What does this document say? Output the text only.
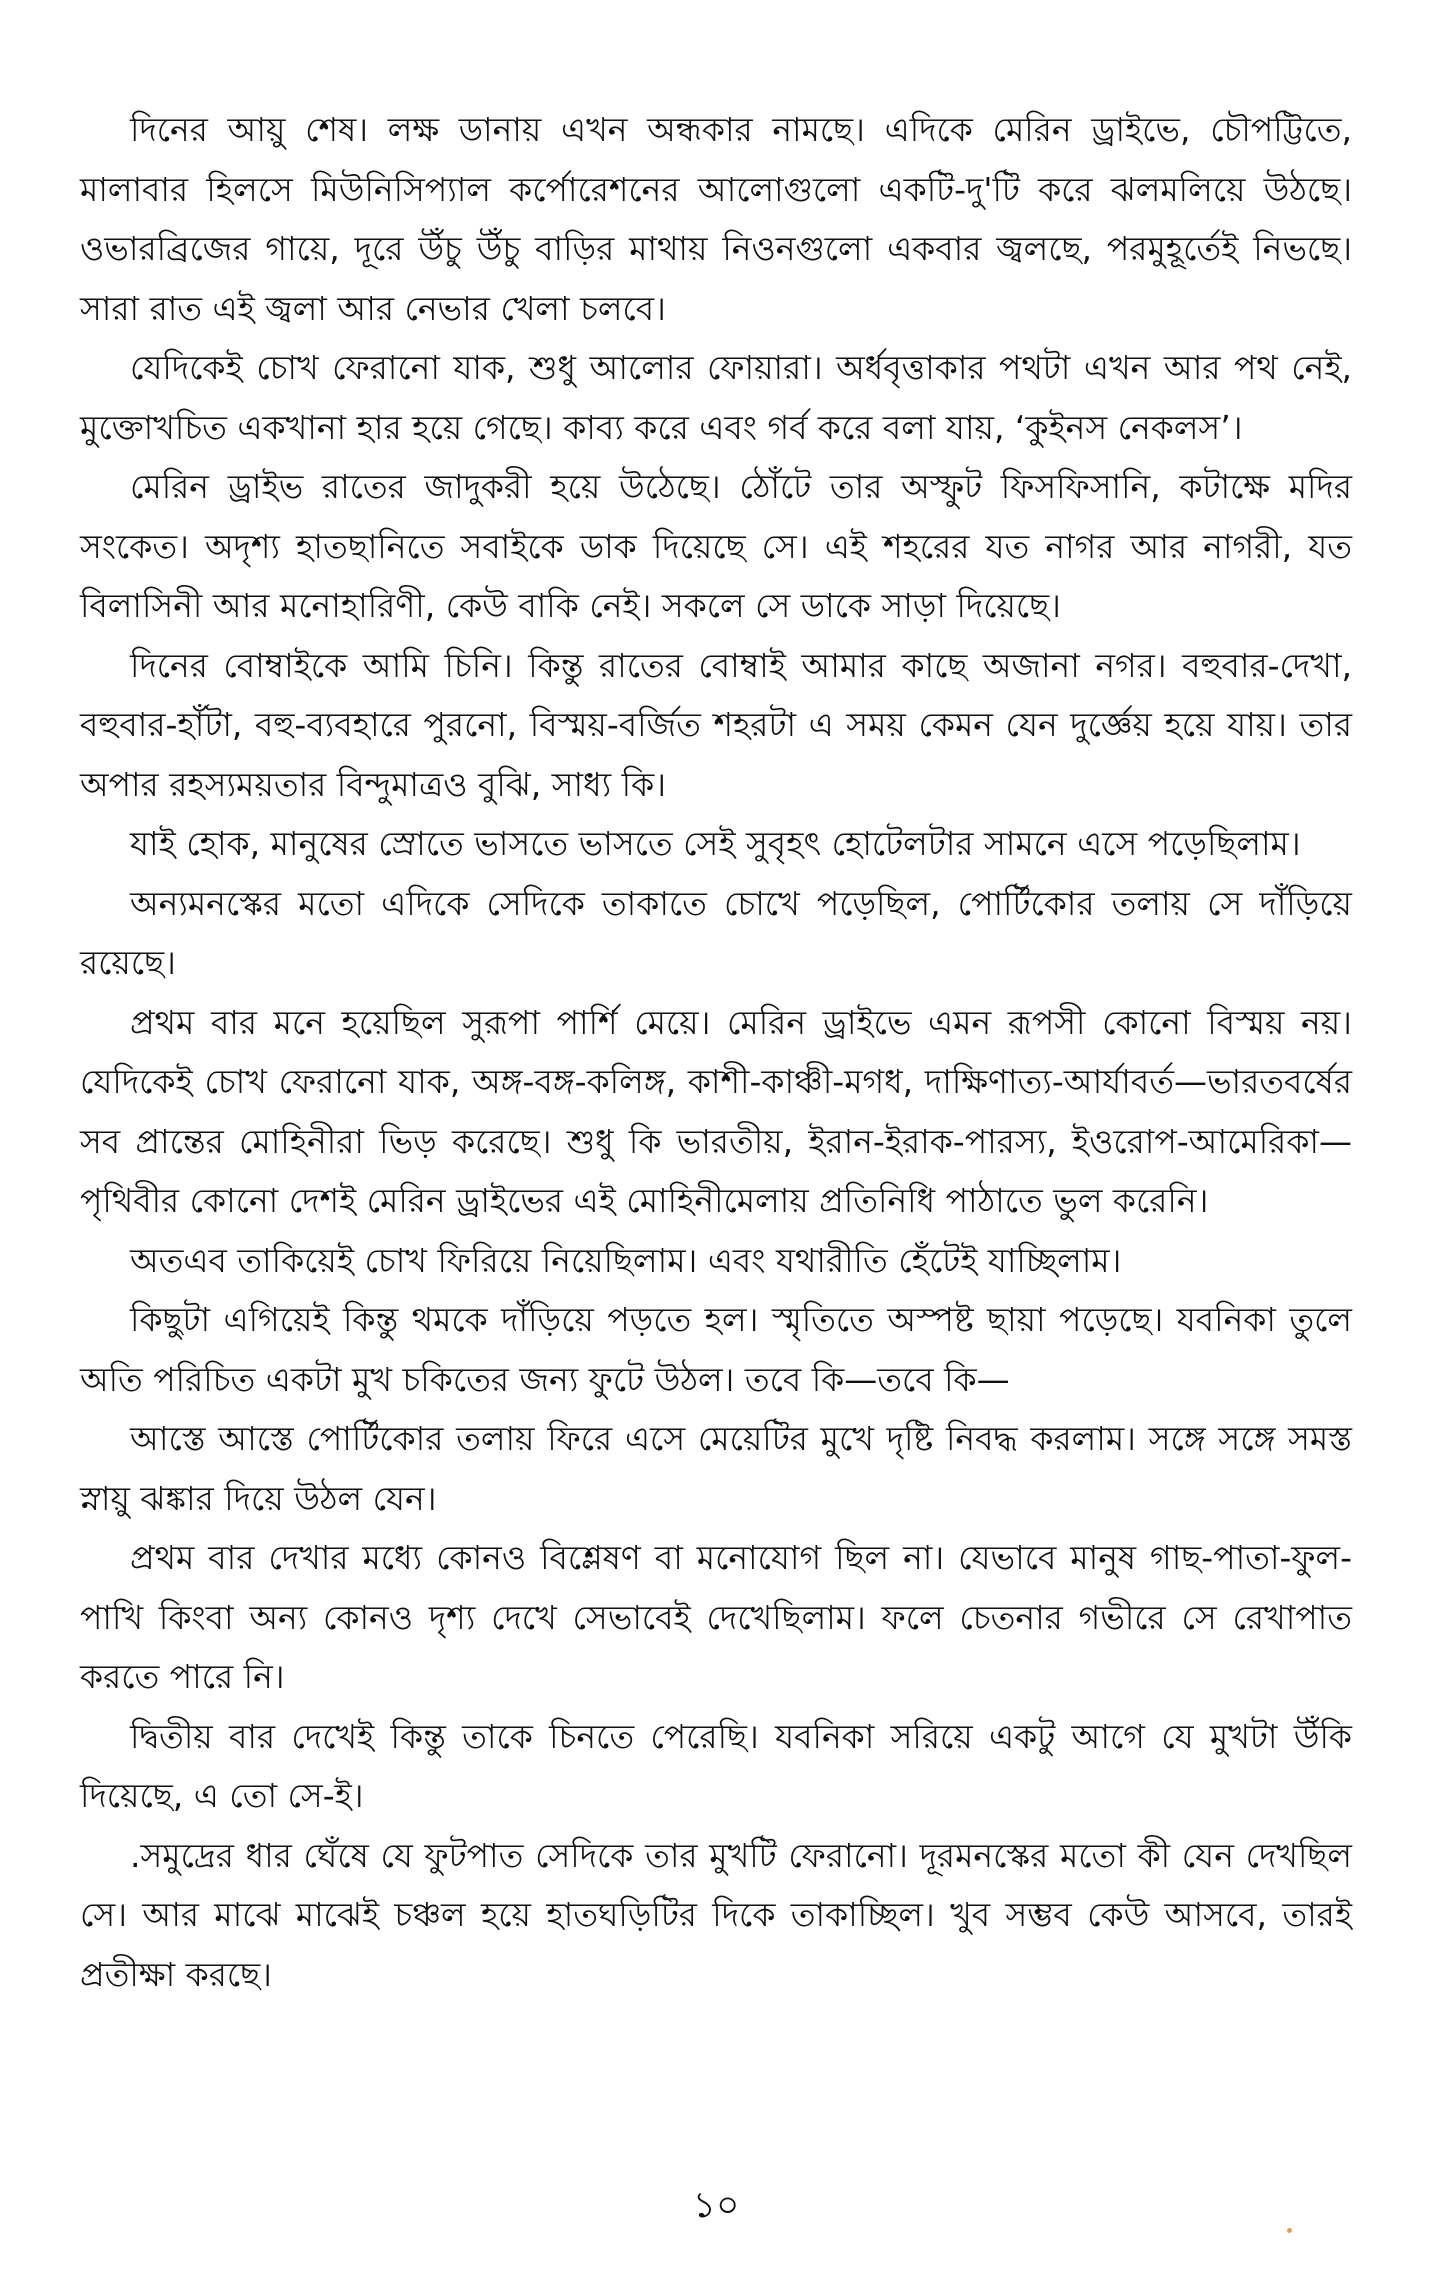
দিনের আয়ু শেষ। লক্ষ ডানায় এখন অন্ধকার নামছে। এদিকে মেরিন ড্রাইভে, চৌপট্টিতে, মালাবার হিলসে মিউনিসিপ্যাল কর্পোরেশনের আলোগুলো একটি-দু'টি করে ঝলমলিয়ে উঠছে। ওভারব্রিজের গায়ে, দূরে উঁচু উঁচু বাড়ির মাথায় নিওনগুলো একবার জ্বলছে, পরমুহূর্তেই নিভছে। সারা রাত এই জ্বলা আর নেভার খেলা চলবে।

যেদিকেই চোখ ফেরানো যাক, শুধু আলোর ফোয়ারা। অর্ধবৃত্তাকার পথটা এখন আর পথ নেই, মুক্তোখচিত একখানা হার হয়ে গেছে। কাব্য করে এবং গর্ব করে বলা যায়, ‘কুইনস নেকলস’।

মেরিন ড্রাইভ রাতের জাদুকরী হয়ে উঠেছে। ঠোঁটে তার অস্ফুট ফিসফিসানি, কটাক্ষে মদির সংকেত। অদৃশ্য হাতছানিতে সবাইকে ডাক দিয়েছে সে। এই শহরের যত নাগর আর নাগরী, যত বিলাসিনী আর মনোহারিণী, কেউ বাকি নেই। সকলে সে ডাকে সাড়া দিয়েছে।

দিনের বোম্বাইকে আমি চিনি। কিন্তু রাতের বোম্বাই আমার কাছে অজানা নগর। বহুবার-দেখা, বহুবার-হাঁটা, বহু-ব্যবহারে পুরনো, বিস্ময়-বর্জিত শহরটা এ সময় কেমন যেন দুর্জ্ঞেয় হয়ে যায়। তার অপার রহস্যময়তার বিন্দুমাত্রও বুঝি, সাধ্য কি।

যাই হোক, মানুষের স্রোতে ভাসতে ভাসতে সেই সুবৃহৎ হোটেলটার সামনে এসে পড়েছিলাম।

অন্যমনস্কের মতো এদিকে সেদিকে তাকাতে চোখে পড়েছিল, পোর্টিকোর তলায় সে দাঁড়িয়ে রয়েছে।

প্রথম বার মনে হয়েছিল সুরূপা পার্শি মেয়ে। মেরিন ড্রাইভে এমন রূপসী কোনো বিস্ময় নয়। যেদিকেই চোখ ফেরানো যাক, অঙ্গ-বঙ্গ-কলিঙ্গ, কাশী-কাঞ্চী-মগধ, দাক্ষিণাত্য-আর্যাবর্ত—ভারতবর্ষের সব প্রান্তের মোহিনীরা ভিড় করেছে। শুধু কি ভারতীয়, ইরান-ইরাক-পারস্য, ইওরোপ-আমেরিকা—পৃথিবীর কোনো দেশই মেরিন ড্রাইভের এই মোহিনীমেলায় প্রতিনিধি পাঠাতে ভুল করেনি।

অতএব তাকিয়েই চোখ ফিরিয়ে নিয়েছিলাম। এবং যথারীতি হেঁটেই যাচ্ছিলাম।

কিছুটা এগিয়েই কিন্তু থমকে দাঁড়িয়ে পড়তে হল। স্মৃতিতে অস্পষ্ট ছায়া পড়েছে। যবনিকা তুলে অতি পরিচিত একটা মুখ চকিতের জন্য ফুটে উঠল। তবে কি—তবে কি—

আস্তে আস্তে পোর্টিকোর তলায় ফিরে এসে মেয়েটির মুখে দৃষ্টি নিবদ্ধ করলাম। সঙ্গে সঙ্গে সমস্ত স্নায়ু ঝঙ্কার দিয়ে উঠল যেন।

প্রথম বার দেখার মধ্যে কোনও বিশ্লেষণ বা মনোযোগ ছিল না। যেভাবে মানুষ গাছ-পাতা-ফুল-পাখি কিংবা অন্য কোনও দৃশ্য দেখে সেভাবেই দেখেছিলাম। ফলে চেতনার গভীরে সে রেখাপাত করতে পারে নি।

দ্বিতীয় বার দেখেই কিন্তু তাকে চিনতে পেরেছি। যবনিকা সরিয়ে একটু আগে যে মুখটা উঁকি দিয়েছে, এ তো সে-ই।

.সমুদ্রের ধার ঘেঁষে যে ফুটপাত সেদিকে তার মুখটি ফেরানো। দূরমনস্কের মতো কী যেন দেখছিল সে। আর মাঝে মাঝেই চঞ্চল হয়ে হাতঘড়িটির দিকে তাকাচ্ছিল। খুব সম্ভব কেউ আসবে, তারই প্রতীক্ষা করছে।

১০
